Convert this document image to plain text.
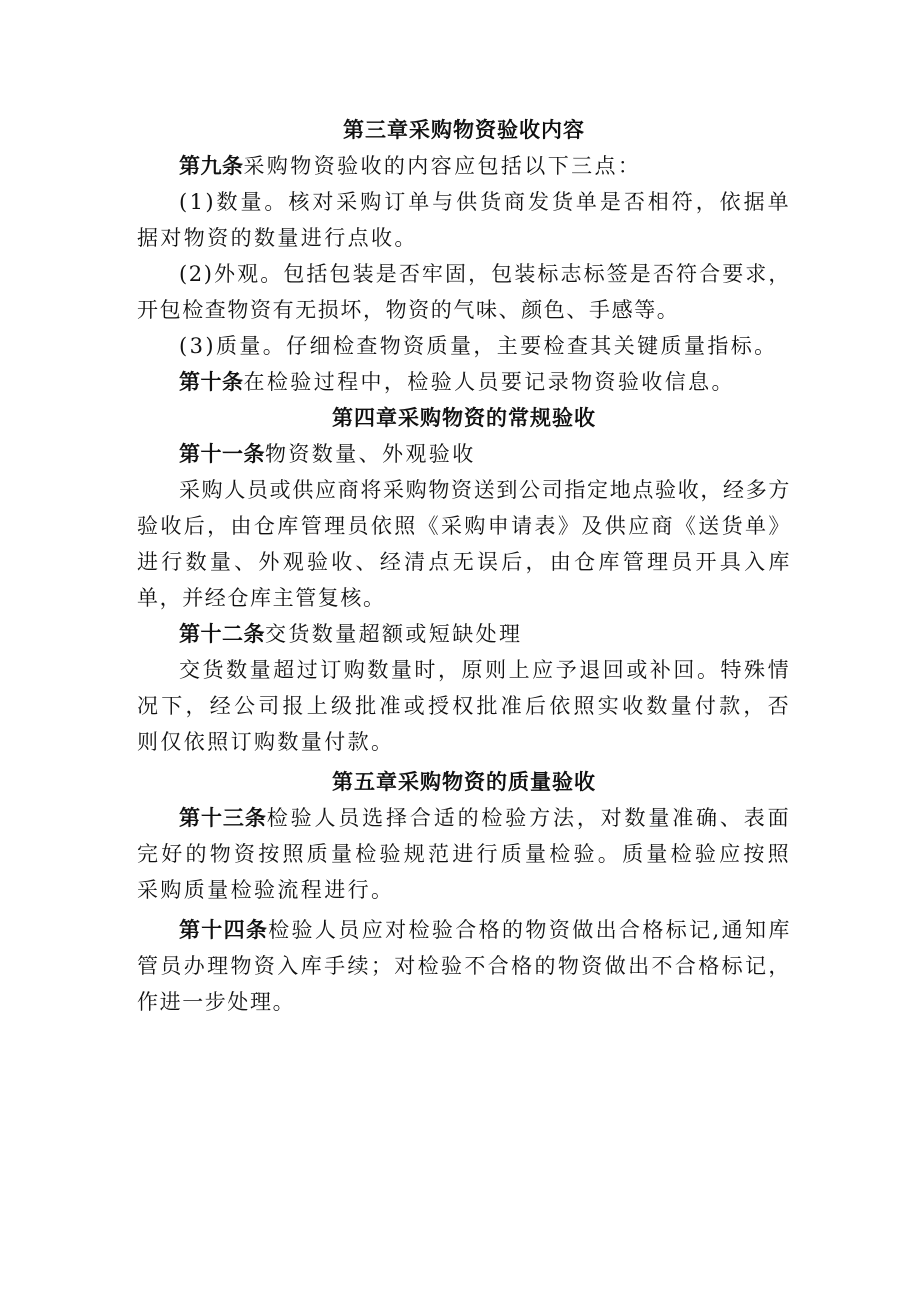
第三章采购物资验收内容

第九条采购物资验收的内容应包括以下三点：

(1)数量。核对采购订单与供货商发货单是否相符，依据单据对物资的数量进行点收。

(2)外观。包括包装是否牢固，包装标志标签是否符合要求，开包检查物资有无损坏，物资的气味、颜色、手感等。

(3)质量。仔细检查物资质量，主要检查其关键质量指标。

第十条在检验过程中，检验人员要记录物资验收信息。

第四章采购物资的常规验收

第十一条物资数量、外观验收

采购人员或供应商将采购物资送到公司指定地点验收，经多方验收后，由仓库管理员依照《采购申请表》及供应商《送货单》进行数量、外观验收、经清点无误后，由仓库管理员开具入库单，并经仓库主管复核。

第十二条交货数量超额或短缺处理

交货数量超过订购数量时，原则上应予退回或补回。特殊情况下，经公司报上级批准或授权批准后依照实收数量付款，否则仅依照订购数量付款。

第五章采购物资的质量验收

第十三条检验人员选择合适的检验方法，对数量准确、表面完好的物资按照质量检验规范进行质量检验。质量检验应按照采购质量检验流程进行。

第十四条检验人员应对检验合格的物资做出合格标记,通知库管员办理物资入库手续；对检验不合格的物资做出不合格标记，作进一步处理。
